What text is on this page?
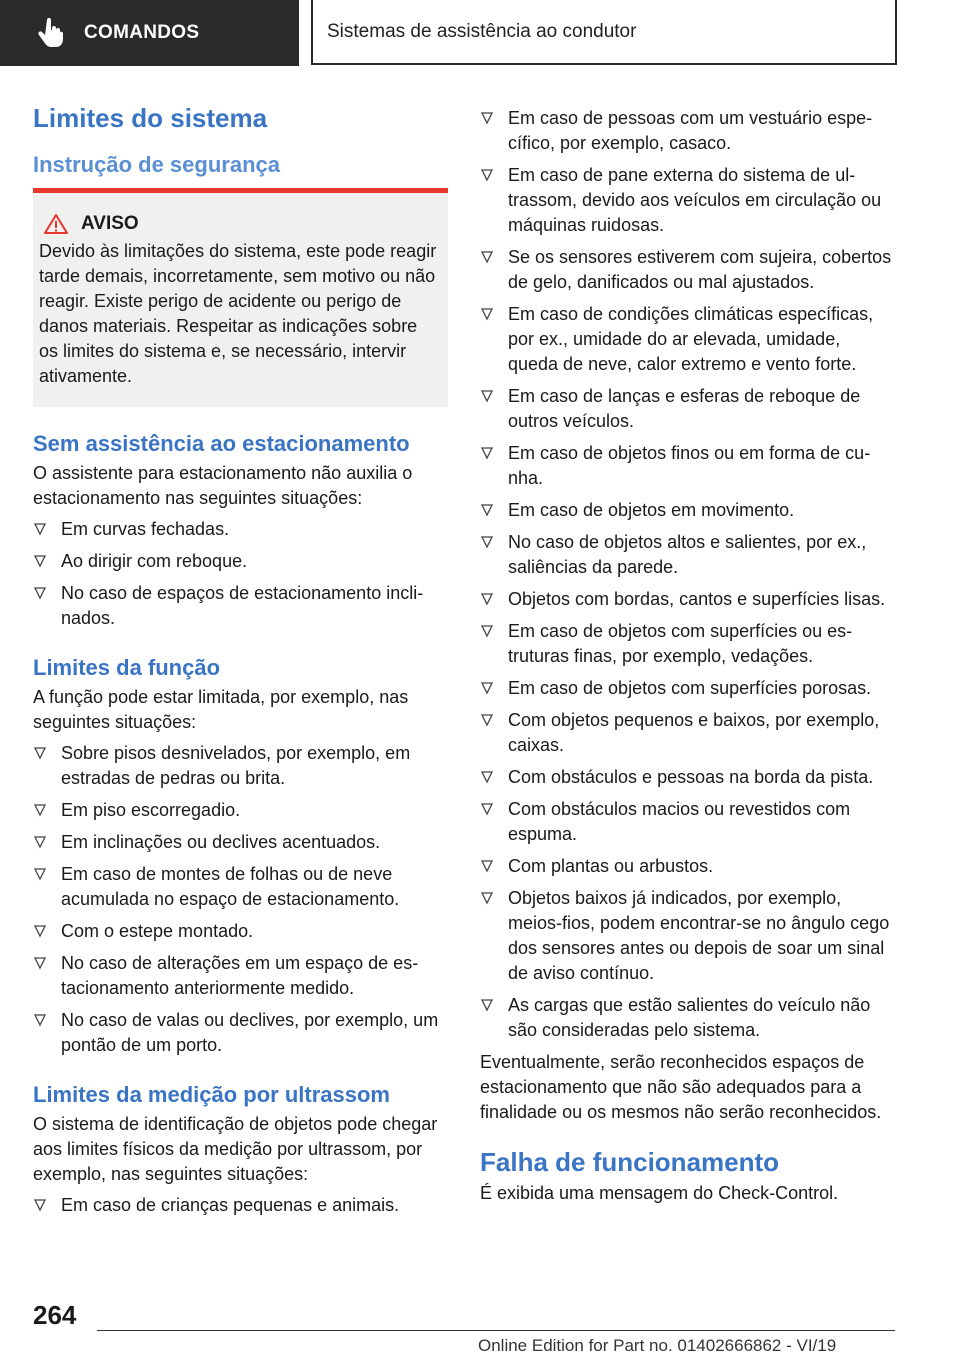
COMANDOS	Sistemas de assistência ao condutor
Limites do sistema
Instrução de segurança
AVISO
Devido às limitações do sistema, este pode reagir tarde demais, incorretamente, sem motivo ou não reagir. Existe perigo de acidente ou perigo de danos materiais. Respeitar as indicações sobre os limites do sistema e, se necessário, intervir ativamente.
Sem assistência ao estacionamento

O assistente para estacionamento não auxilia o estacionamento nas seguintes situações:

Em curvas fechadas.
Ao dirigir com reboque.
No caso de espaços de estacionamento inclinados.
Limites da função

A função pode estar limitada, por exemplo, nas seguintes situações:

Sobre pisos desnivelados, por exemplo, em estradas de pedras ou brita.
Em piso escorregadio.
Em inclinações ou declives acentuados.
Em caso de montes de folhas ou de neve acumulada no espaço de estacionamento.
Com o estepe montado.
No caso de alterações em um espaço de estacionamento anteriormente medido.
No caso de valas ou declives, por exemplo, um pontão de um porto.
Limites da medição por ultrassom

O sistema de identificação de objetos pode chegar aos limites físicos da medição por ultrassom, por exemplo, nas seguintes situações:

Em caso de crianças pequenas e animais.
Em caso de pessoas com um vestuário específico, por exemplo, casaco.
Em caso de pane externa do sistema de ultrassom, devido aos veículos em circulação ou máquinas ruidosas.
Se os sensores estiverem com sujeira, cobertos de gelo, danificados ou mal ajustados.
Em caso de condições climáticas específicas, por ex., umidade do ar elevada, umidade, queda de neve, calor extremo e vento forte.
Em caso de lanças e esferas de reboque de outros veículos.
Em caso de objetos finos ou em forma de cunha.
Em caso de objetos em movimento.
No caso de objetos altos e salientes, por ex., saliências da parede.
Objetos com bordas, cantos e superfícies lisas.
Em caso de objetos com superfícies ou estruturas finas, por exemplo, vedações.
Em caso de objetos com superfícies porosas.
Com objetos pequenos e baixos, por exemplo, caixas.
Com obstáculos e pessoas na borda da pista.
Com obstáculos macios ou revestidos com espuma.
Com plantas ou arbustos.
Objetos baixos já indicados, por exemplo, meios-fios, podem encontrar-se no ângulo cego dos sensores antes ou depois de soar um sinal de aviso contínuo.
As cargas que estão salientes do veículo não são consideradas pelo sistema.

Eventualmente, serão reconhecidos espaços de estacionamento que não são adequados para a finalidade ou os mesmos não serão reconhecidos.

Falha de funcionamento

É exibida uma mensagem do Check-Control.

264
Online Edition for Part no. 01402666862 - VI/19
